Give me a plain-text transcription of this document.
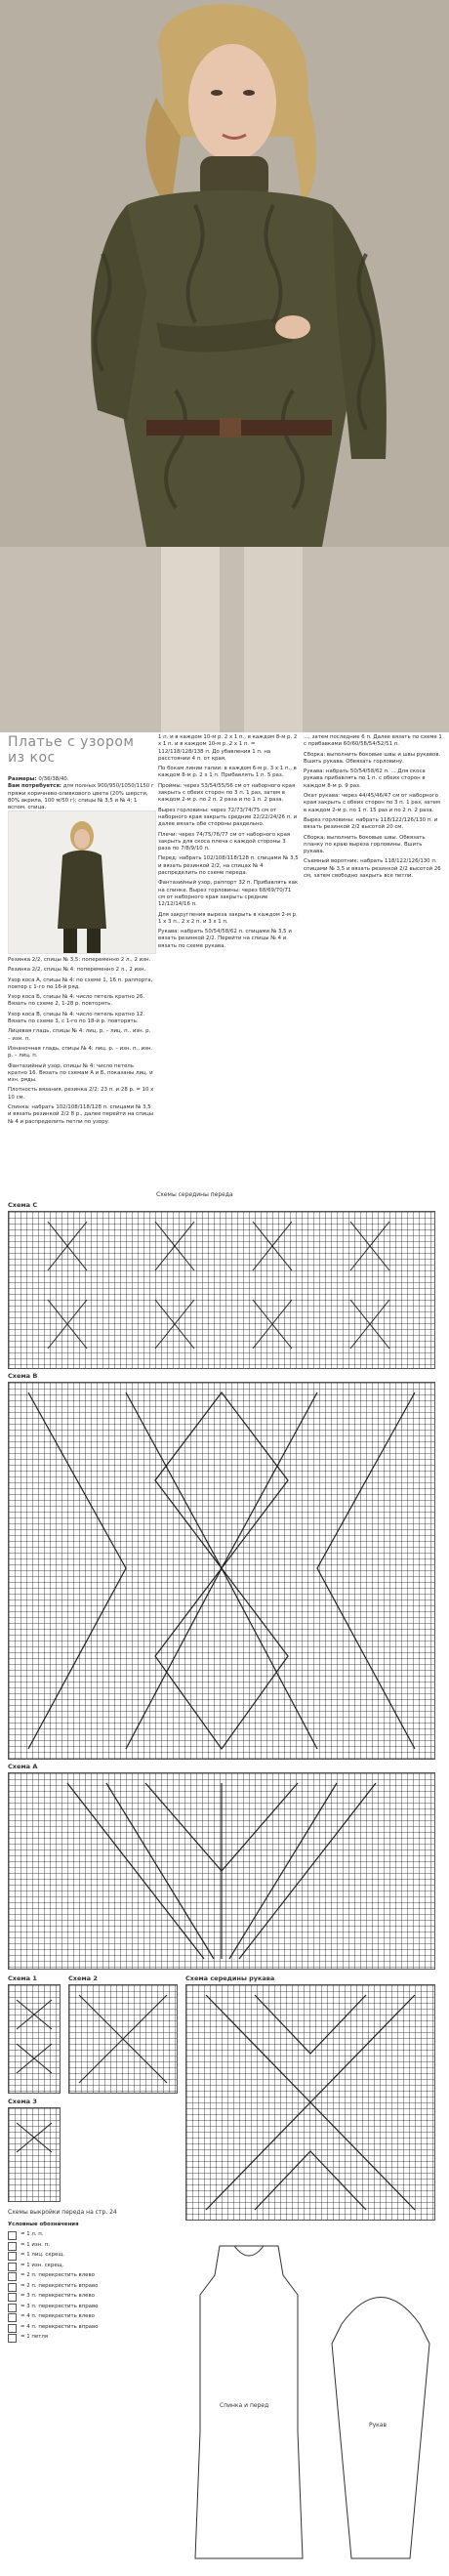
Платье с узором
из кос
Размеры: 0/36/38/40.
Вам потребуется: для полных 900/950/1050/1150 г пряжи коричнево-оливкового цвета (20% шерсти, 80% акрила, 100 м/50 г); спицы № 3,5 и № 4; 1 вспом. спица.

Резинка 2/2, спицы № 3,5: попеременно 2 л., 2 изн.

Резинка 2/2, спицы № 4: попеременно 2 л., 2 изн.

Узор коса А, спицы № 4: по схеме 1, 16 п. раппорта, повтор с 1-го по 16-й ряд.

Узор коса Б, спицы № 4: число петель кратно 26. Вязать по схеме 2, 1-28 р. повторять.

Узор коса В, спицы № 4: число петель кратно 12. Вязать по схеме 3, с 1-го по 18-й р. повторять.

Лицевая гладь, спицы № 4: лиц. р. – лиц. п., изн. р. – изн. п.

Изнаночная гладь, спицы № 4: лиц. р. – изн. п., изн. р. – лиц. п.

Фантазийный узор, спицы № 4: число петель кратно 16. Вязать по схемам А и Б, показаны лиц. и изн. ряды.

Плотность вязания, резинка 2/2: 23 п. и 28 р. = 10 х 10 см.

Спинка: набрать 102/108/118/128 п. спицами № 3,5 и вязать резинкой 2/2 8 р., далее перейти на спицы № 4 и распределить петли по узору.

1 п. и в каждом 10-м р. 2 х 1 п., в каждом 8-м р. 2 х 1 п. и в каждом 10-м р. 2 х 1 п. = 112/118/128/138 п. До убавления 1 п. на расстоянии 4 п. от края.

По бокам линии талии: в каждом 6-м р. 3 х 1 п., в каждом 8-м р. 2 х 1 п. Прибавлять 1 п. 5 раз.

Проймы: через 53/54/55/56 см от наборного края закрыть с обеих сторон по 3 п. 1 раз, затем в каждом 2-м р. по 2 п. 2 раза и по 1 п. 2 раза.

Вырез горловины: через 72/73/74/75 см от наборного края закрыть средние 22/22/24/26 п. и далее вязать обе стороны раздельно.

Плечи: через 74/75/76/77 см от наборного края закрыть для скоса плеча с каждой стороны 3 раза по 7/8/9/10 п.

Перед: набрать 102/108/118/128 п. спицами № 3,5 и вязать резинкой 2/2, на спицах № 4 распределить по схеме переда.

Фантазийный узор, раппорт 32 п. Прибавлять как на спинке. Вырез горловины: через 68/69/70/71 см от наборного края закрыть средние 12/12/14/16 п.

Для закругления выреза закрыть в каждом 2-м р. 1 х 3 п., 2 х 2 п. и 3 х 1 п.

Рукава: набрать 50/54/58/62 п. спицами № 3,5 и вязать резинкой 2/2. Перейти на спицы № 4 и вязать по схеме рукава.

..., затем последние 6 п. Далее вязать по схеме 1 с прибавками 60/60/58/54/52/51 п.

Сборка: выполнить боковые швы и швы рукавов. Вшить рукава. Обвязать горловину.

Рукава: набрать 50/54/58/62 п. ... Для скоса рукава прибавлять по 1 п. с обеих сторон в каждом 8-м р. 9 раз.

Окат рукава: через 44/45/46/47 см от наборного края закрыть с обеих сторон по 3 п. 1 раз, затем в каждом 2-м р. по 1 п. 15 раз и по 2 п. 2 раза.

Вырез горловины: набрать 118/122/126/130 п. и вязать резинкой 2/2 высотой 20 см.

Сборка: выполнить боковые швы. Обвязать планку по краю выреза горловины. Вшить рукава.

Съемный воротник: набрать 118/122/126/130 п. спицами № 3,5 и вязать резинкой 2/2 высотой 26 см, затем свободно закрыть все петли.

Схемы середины переда
Схема С
Схема В
Схема А
Схема 1	Схема 2
Схема 3
Схема середины рукава
Схемы выкройки переда на стр. 24
Условные обозначения
= 1 л. п.
= 1 изн. п.
= 1 лиц. скрещ.
= 1 изн. скрещ.
= 2 п. перекрестить влево
= 2 п. перекрестить вправо
= 3 п. перекрестить влево
= 3 п. перекрестить вправо
= 4 п. перекрестить влево
= 4 п. перекрестить вправо
= 1 петля
Спинка и перед
Рукав
